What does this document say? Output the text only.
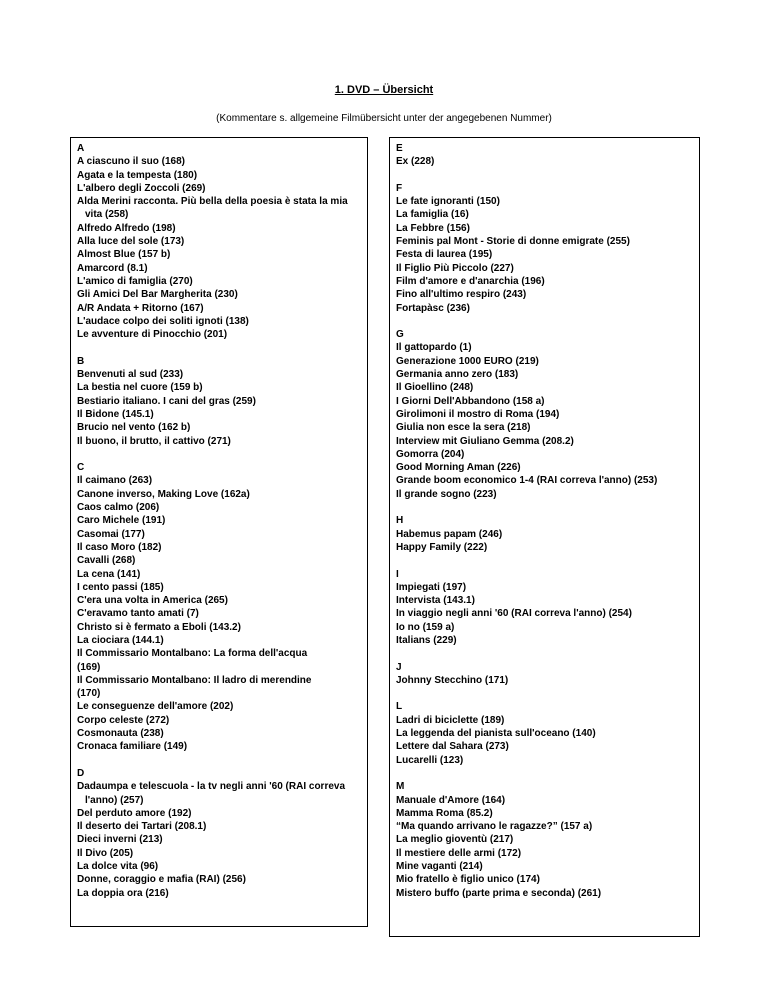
1. DVD – Übersicht
(Kommentare s. allgemeine Filmübersicht unter der angegebenen Nummer)
A
A ciascuno il suo (168)
Agata e la tempesta (180)
L'albero degli Zoccoli (269)
Alda Merini racconta. Più bella della poesia è stata la mia vita (258)
Alfredo Alfredo (198)
Alla luce del sole (173)
Almost Blue (157 b)
Amarcord (8.1)
L'amico di famiglia (270)
Gli Amici Del Bar Margherita (230)
A/R Andata + Ritorno (167)
L'audace colpo dei soliti ignoti (138)
Le avventure di Pinocchio (201)
B
Benvenuti al sud (233)
La bestia nel cuore (159 b)
Bestiario italiano. I cani del gras (259)
Il Bidone (145.1)
Brucio nel vento (162 b)
Il buono, il brutto, il cattivo (271)
C
Il caimano (263)
Canone inverso, Making Love (162a)
Caos calmo (206)
Caro Michele (191)
Casomai (177)
Il caso Moro (182)
Cavalli (268)
La cena (141)
I cento passi (185)
C'era una volta in America (265)
C'eravamo tanto amati (7)
Christo si è fermato a Eboli (143.2)
La ciociara (144.1)
Il Commissario Montalbano: La forma dell'acqua
(169)
Il Commissario Montalbano: Il ladro di merendine
(170)
Le conseguenze dell'amore (202)
Corpo celeste (272)
Cosmonauta (238)
Cronaca familiare (149)
D
Dadaumpa e telescuola - la tv negli anni '60 (RAI correva l'anno) (257)
Del perduto amore (192)
Il deserto dei Tartari (208.1)
Dieci inverni (213)
Il Divo (205)
La dolce vita (96)
Donne, coraggio e mafia (RAI) (256)
La doppia ora (216)
E
Ex (228)
F
Le fate ignoranti (150)
La famiglia (16)
La Febbre (156)
Feminis pal Mont - Storie di donne emigrate (255)
Festa di laurea (195)
Il Figlio Più Piccolo (227)
Film d'amore e d'anarchia (196)
Fino all'ultimo respiro (243)
Fortapàsc (236)
G
Il gattopardo (1)
Generazione 1000 EURO (219)
Germania anno zero (183)
Il Gioellino (248)
I Giorni Dell'Abbandono (158 a)
Girolimoni il mostro di Roma (194)
Giulia non esce la sera (218)
Interview mit Giuliano Gemma (208.2)
Gomorra (204)
Good Morning Aman (226)
Grande boom economico 1-4 (RAI correva l'anno) (253)
Il grande sogno (223)
H
Habemus papam (246)
Happy Family (222)
I
Impiegati (197)
Intervista (143.1)
In viaggio negli anni '60 (RAI correva l'anno) (254)
Io no (159 a)
Italians (229)
J
Johnny Stecchino (171)
L
Ladri di biciclette (189)
La leggenda del pianista sull'oceano (140)
Lettere dal Sahara (273)
Lucarelli (123)
M
Manuale d'Amore (164)
Mamma Roma (85.2)
“Ma quando arrivano le ragazze?” (157 a)
La meglio gioventù (217)
Il mestiere delle armi (172)
Mine vaganti (214)
Mio fratello è figlio unico (174)
Mistero buffo (parte prima e seconda) (261)
